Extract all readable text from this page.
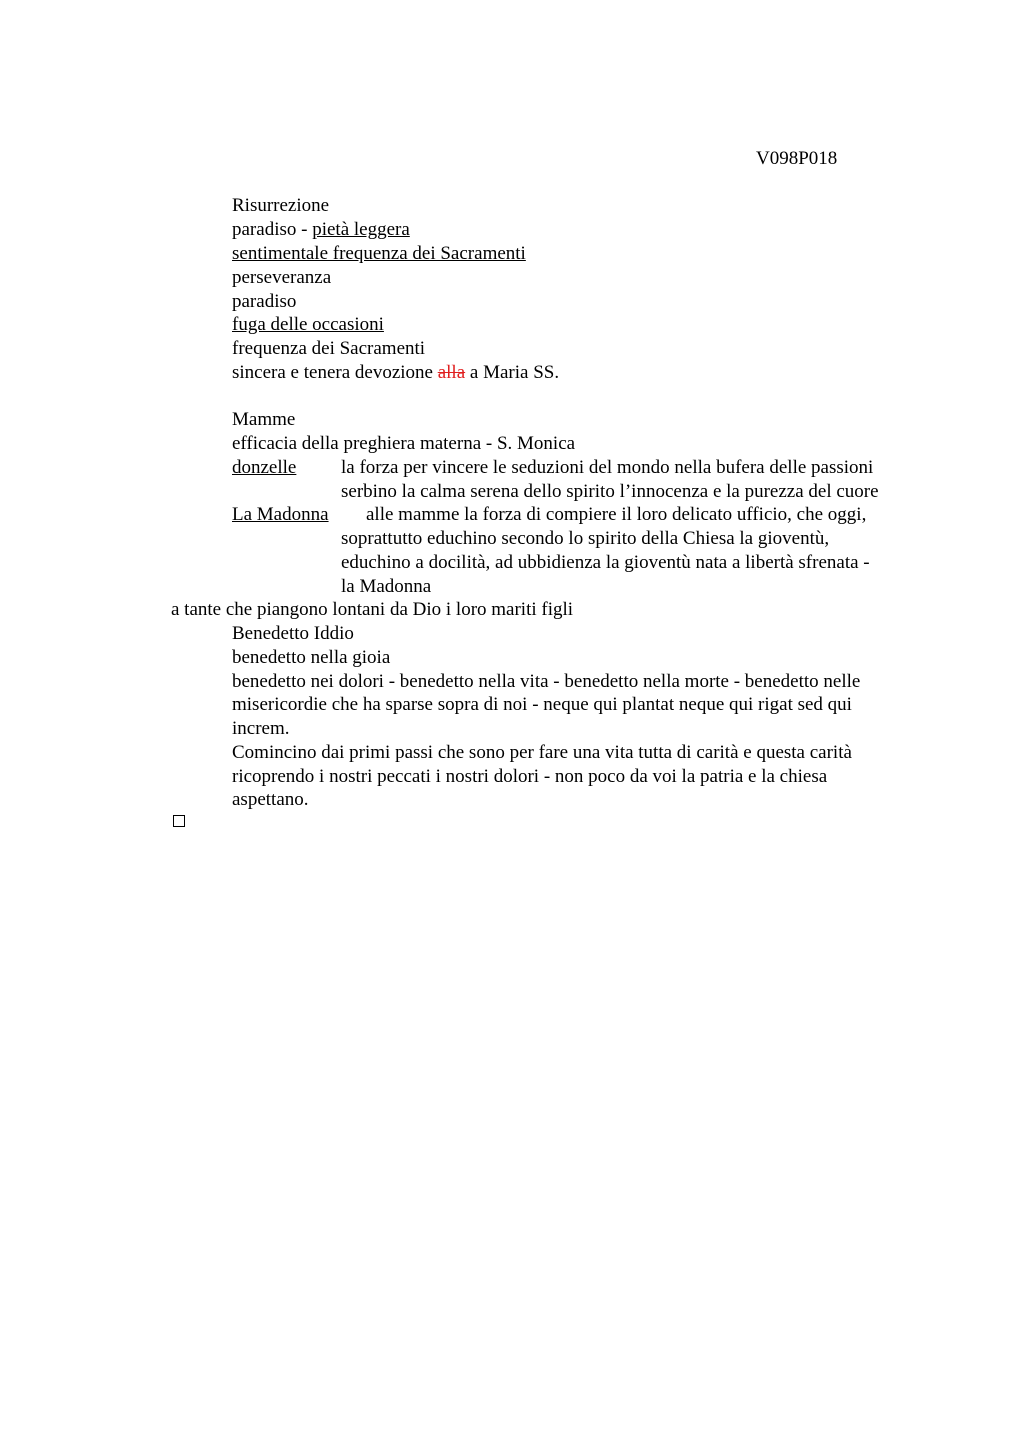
V098P018
Risurrezione
paradiso - pietà leggera
sentimentale frequenza dei Sacramenti
perseveranza
paradiso
fuga delle occasioni
frequenza dei Sacramenti
sincera e tenera devozione alla a Maria SS.
Mamme
efficacia della preghiera materna - S. Monica
donzelle la forza per vincere le seduzioni del mondo nella bufera delle passioni
serbino la calma serena dello spirito l’innocenza e la purezza del cuore
La Madonna alle mamme la forza di compiere il loro delicato ufficio, che oggi,
soprattutto educhino secondo lo spirito della Chiesa la gioventù,
educhino a docilità, ad ubbidienza la gioventù nata a libertà sfrenata -
la Madonna
a tante che piangono lontani da Dio i loro mariti figli
Benedetto Iddio
benedetto nella gioia
benedetto nei dolori - benedetto nella vita - benedetto nella morte - benedetto nelle
misericordie che ha sparse sopra di noi - neque qui plantat neque qui rigat sed qui
increm.
Comincino dai primi passi che sono per fare una vita tutta di carità e questa carità
ricoprendo i nostri peccati i nostri dolori - non poco da voi la patria e la chiesa
aspettano.
